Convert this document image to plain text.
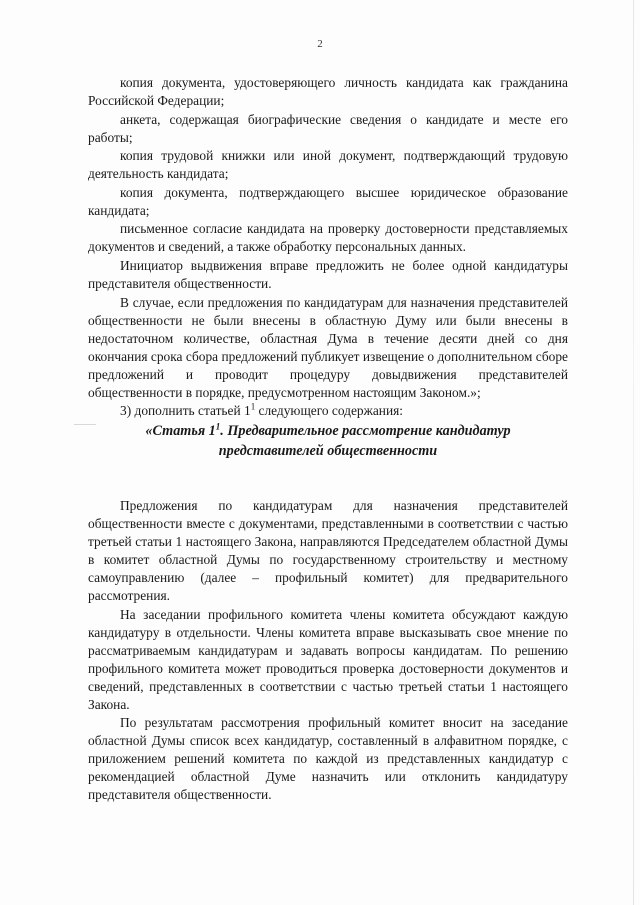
2

копия документа, удостоверяющего личность кандидата как гражданина Российской Федерации;

анкета, содержащая биографические сведения о кандидате и месте его работы;

копия трудовой книжки или иной документ, подтверждающий трудовую деятельность кандидата;

копия документа, подтверждающего высшее юридическое образование кандидата;

письменное согласие кандидата на проверку достоверности представляемых документов и сведений, а также обработку персональных данных.

Инициатор выдвижения вправе предложить не более одной кандидатуры представителя общественности.

В случае, если предложения по кандидатурам для назначения представителей общественности не были внесены в областную Думу или были внесены в недостаточном количестве, областная Дума в течение десяти дней со дня окончания срока сбора предложений публикует извещение о дополнительном сборе предложений и проводит процедуру довыдвижения представителей общественности в порядке, предусмотренном настоящим Законом.»;

3) дополнить статьей $1^1$ следующего содержания:

«Статья $1^1$. Предварительное рассмотрение кандидатур
представителей общественности

Предложения по кандидатурам для назначения представителей общественности вместе с документами, представленными в соответствии с частью третьей статьи 1 настоящего Закона, направляются Председателем областной Думы в комитет областной Думы по государственному строительству и местному самоуправлению (далее – профильный комитет) для предварительного рассмотрения.

На заседании профильного комитета члены комитета обсуждают каждую кандидатуру в отдельности. Члены комитета вправе высказывать свое мнение по рассматриваемым кандидатурам и задавать вопросы кандидатам. По решению профильного комитета может проводиться проверка достоверности документов и сведений, представленных в соответствии с частью третьей статьи 1 настоящего Закона.

По результатам рассмотрения профильный комитет вносит на заседание областной Думы список всех кандидатур, составленный в алфавитном порядке, с приложением решений комитета по каждой из представленных кандидатур с рекомендацией областной Думе назначить или отклонить кандидатуру представителя общественности.
